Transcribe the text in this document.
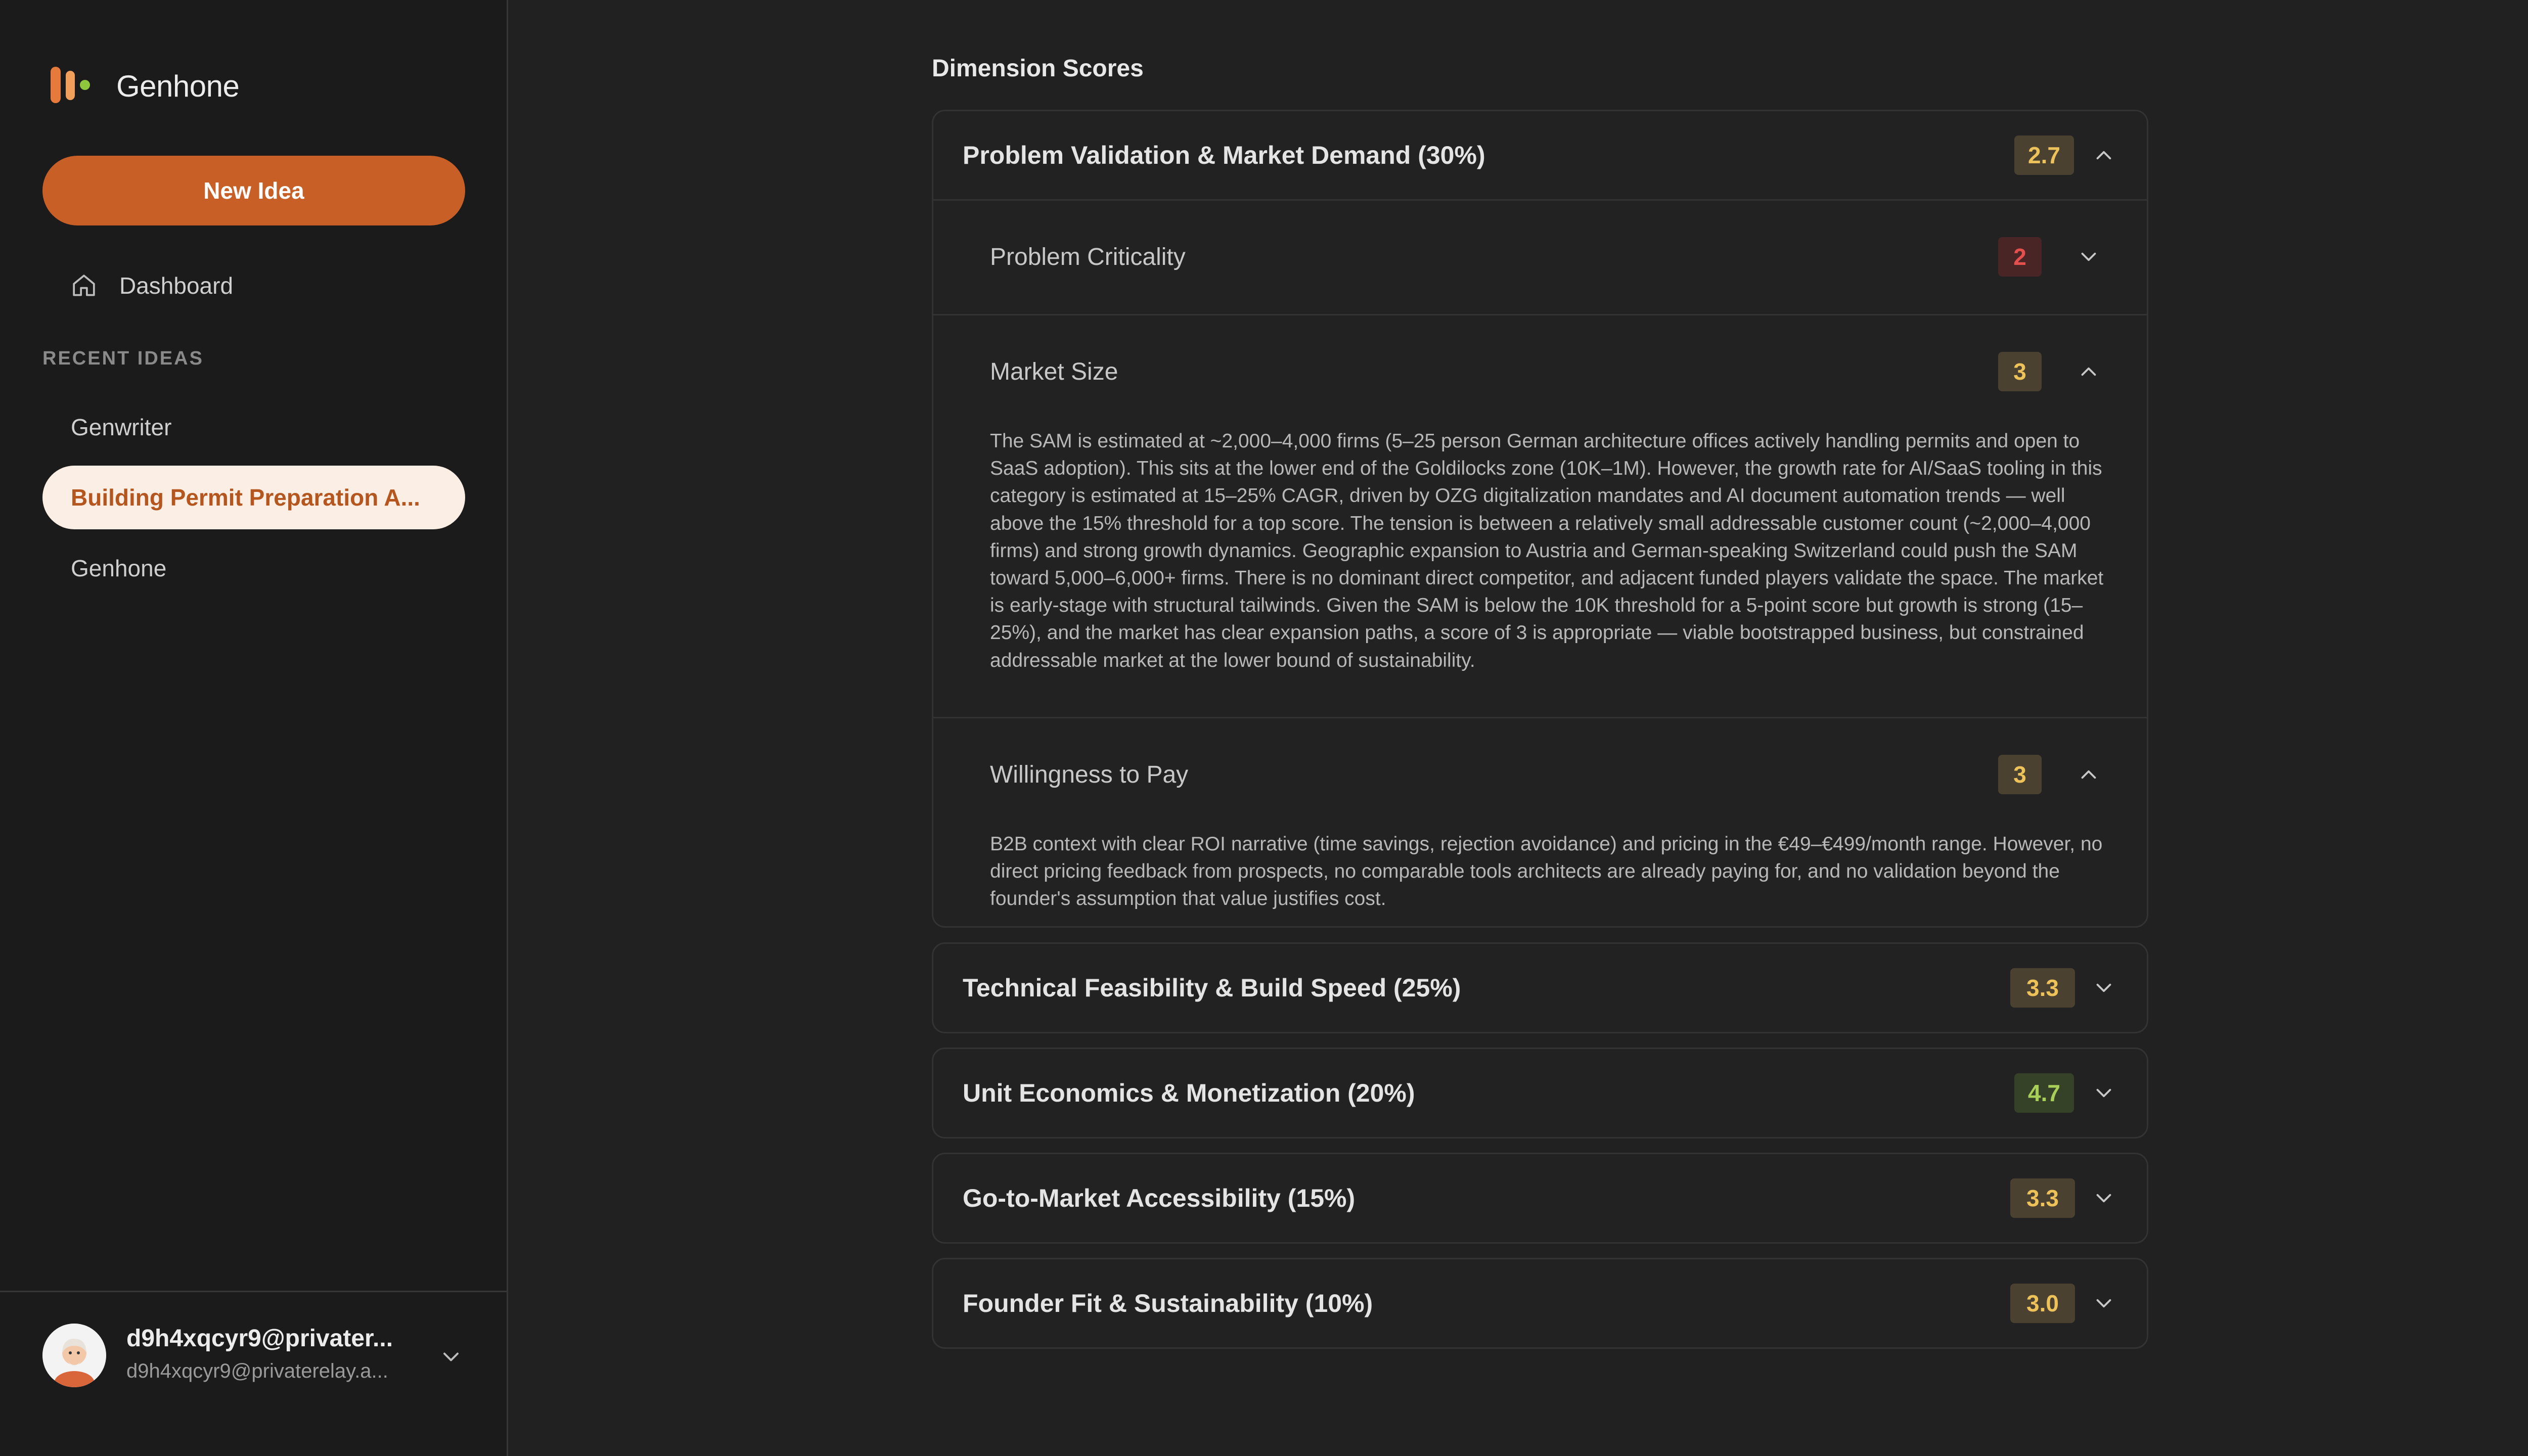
Genhone
New Idea
Dashboard
RECENT IDEAS
Genwriter
Building Permit Preparation A...
Genhone
d9h4xqcyr9@privater...
d9h4xqcyr9@privaterelay.a...
Dimension Scores
Problem Validation & Market Demand (30%)	2.7
Problem Criticality	2
Market Size	3
The SAM is estimated at ~2,000–4,000 firms (5–25 person German architecture offices actively handling permits and open to SaaS adoption). This sits at the lower end of the Goldilocks zone (10K–1M). However, the growth rate for AI/SaaS tooling in this category is estimated at 15–25% CAGR, driven by OZG digitalization mandates and AI document automation trends — well above the 15% threshold for a top score. The tension is between a relatively small addressable customer count (~2,000–4,000 firms) and strong growth dynamics. Geographic expansion to Austria and German-speaking Switzerland could push the SAM toward 5,000–6,000+ firms. There is no dominant direct competitor, and adjacent funded players validate the space. The market is early-stage with structural tailwinds. Given the SAM is below the 10K threshold for a 5-point score but growth is strong (15–25%), and the market has clear expansion paths, a score of 3 is appropriate — viable bootstrapped business, but constrained addressable market at the lower bound of sustainability.
Willingness to Pay	3
B2B context with clear ROI narrative (time savings, rejection avoidance) and pricing in the €49–€499/month range. However, no direct pricing feedback from prospects, no comparable tools architects are already paying for, and no validation beyond the founder's assumption that value justifies cost.
Technical Feasibility & Build Speed (25%)	3.3
Unit Economics & Monetization (20%)	4.7
Go-to-Market Accessibility (15%)	3.3
Founder Fit & Sustainability (10%)	3.0
